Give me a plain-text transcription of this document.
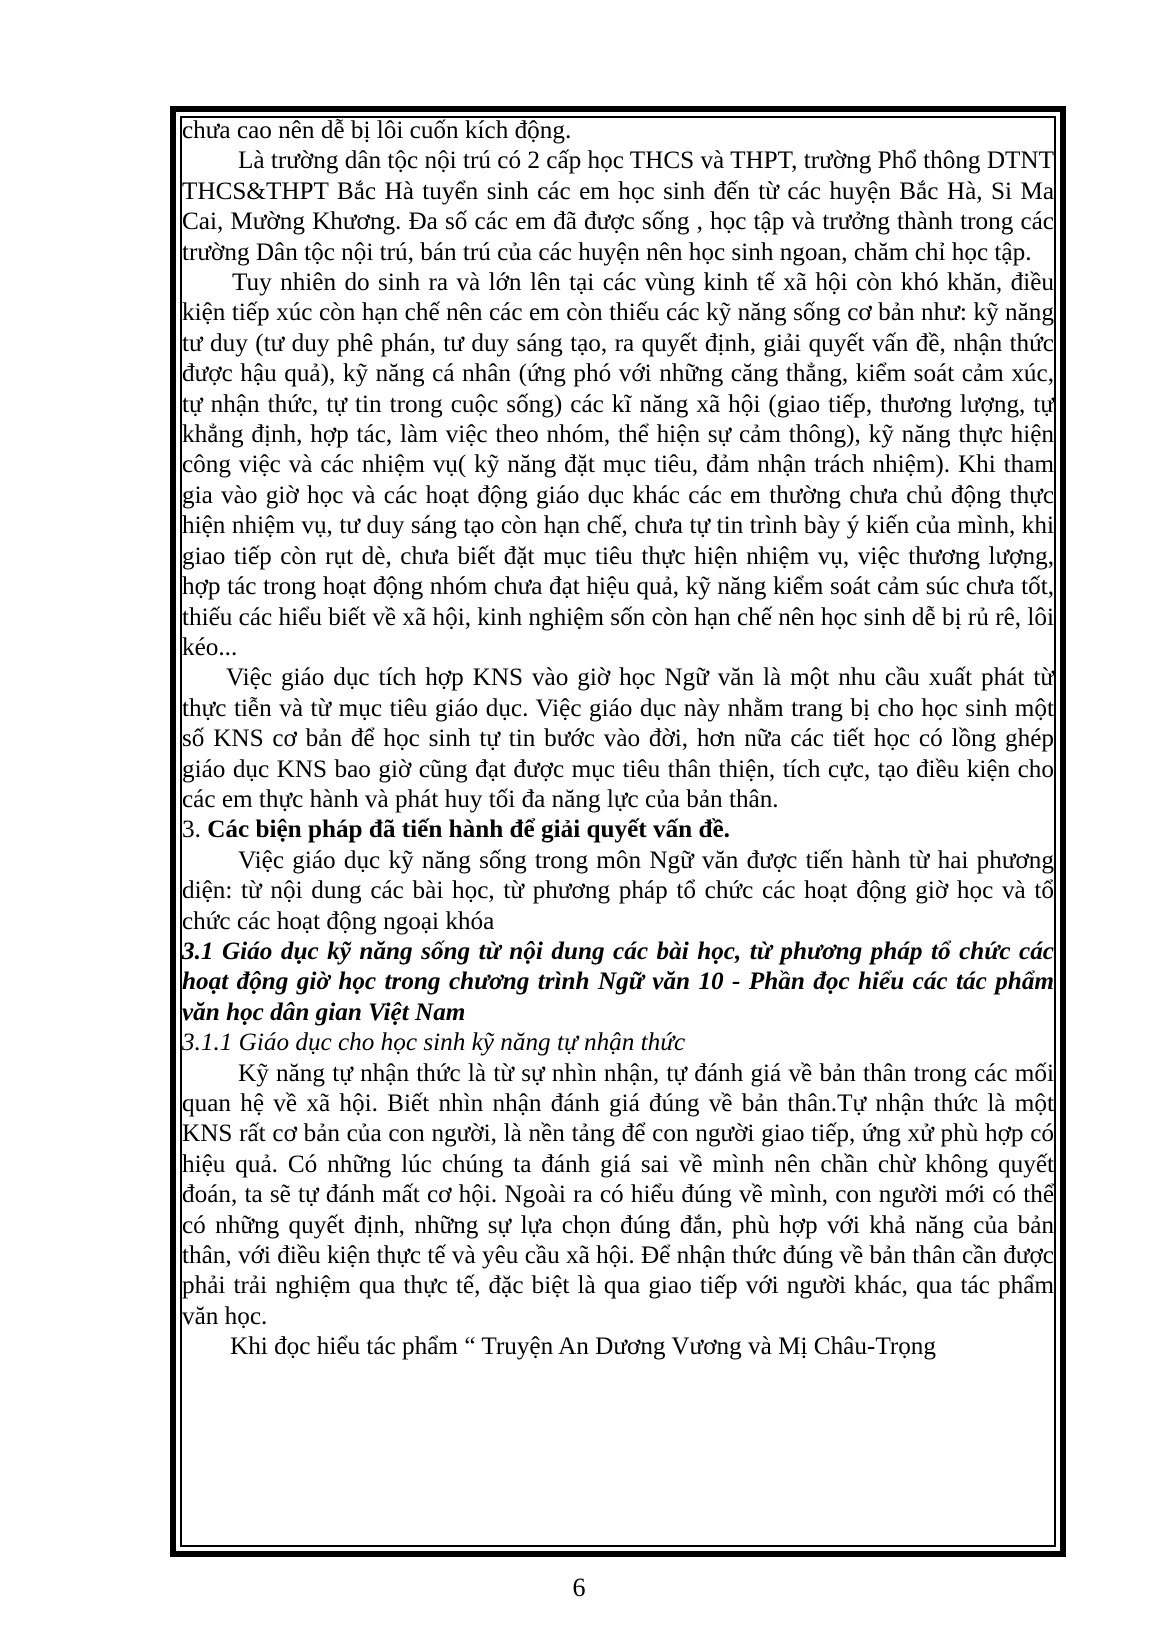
chưa cao nên dễ bị lôi cuốn kích động.

Là trường dân tộc nội trú có 2 cấp học THCS và THPT, trường Phổ thông DTNT THCS&THPT Bắc Hà tuyển sinh các em học sinh đến từ các huyện Bắc Hà, Si Ma Cai, Mường Khương. Đa số các em đã được sống , học tập và trưởng thành trong các trường Dân tộc nội trú, bán trú của các huyện nên học sinh ngoan, chăm chỉ học tập.

Tuy nhiên do sinh ra và lớn lên tại các vùng kinh tế xã hội còn khó khăn, điều kiện tiếp xúc còn hạn chế nên các em còn thiếu các kỹ năng sống cơ bản như: kỹ năng tư duy (tư duy phê phán, tư duy sáng tạo, ra quyết định, giải quyết vấn đề, nhận thức được hậu quả), kỹ năng cá nhân (ứng phó với những căng thẳng, kiểm soát cảm xúc, tự nhận thức, tự tin trong cuộc sống) các kĩ năng xã hội (giao tiếp, thương lượng, tự khẳng định, hợp tác, làm việc theo nhóm, thể hiện sự cảm thông), kỹ năng thực hiện công việc và các nhiệm vụ( kỹ năng đặt mục tiêu, đảm nhận trách nhiệm). Khi tham gia vào giờ học và các hoạt động giáo dục khác các em thường chưa chủ động thực hiện nhiệm vụ, tư duy sáng tạo còn hạn chế, chưa tự tin trình bày ý kiến của mình, khi giao tiếp còn rụt dè, chưa biết đặt mục tiêu thực hiện nhiệm vụ, việc thương lượng, hợp tác trong hoạt động nhóm chưa đạt hiệu quả, kỹ năng kiểm soát cảm súc chưa tốt, thiếu các hiểu biết về xã hội, kinh nghiệm sốn còn hạn chế nên học sinh dễ bị rủ rê, lôi kéo...

Việc giáo dục tích hợp KNS vào giờ học Ngữ văn là một nhu cầu xuất phát từ thực tiễn và từ mục tiêu giáo dục. Việc giáo dục này nhằm trang bị cho học sinh một số KNS cơ bản để học sinh tự tin bước vào đời, hơn nữa các tiết học có lồng ghép giáo dục KNS bao giờ cũng đạt được mục tiêu thân thiện, tích cực, tạo điều kiện cho các em thực hành và phát huy tối đa năng lực của bản thân.

3. Các biện pháp đã tiến hành để giải quyết vấn đề.

Việc giáo dục kỹ năng sống trong môn Ngữ văn được tiến hành từ hai phương diện: từ nội dung các bài học, từ phương pháp tổ chức các hoạt động giờ học và tổ chức các hoạt động ngoại khóa

3.1 Giáo dục kỹ năng sống từ nội dung các bài học, từ phương pháp tổ chức các hoạt động giờ học trong chương trình Ngữ văn 10 - Phần đọc hiểu các tác phẩm văn học dân gian Việt Nam

3.1.1 Giáo dục cho học sinh kỹ năng tự nhận thức

Kỹ năng tự nhận thức là từ sự nhìn nhận, tự đánh giá về bản thân trong các mối quan hệ về xã hội. Biết nhìn nhận đánh giá đúng về bản thân.Tự nhận thức là một KNS rất cơ bản của con người, là nền tảng để con người giao tiếp, ứng xử phù hợp có hiệu quả. Có những lúc chúng ta đánh giá sai về mình nên chần chừ không quyết đoán, ta sẽ tự đánh mất cơ hội. Ngoài ra có hiểu đúng về mình, con người mới có thể có những quyết định, những sự lựa chọn đúng đắn, phù hợp với khả năng của bản thân, với điều kiện thực tế và yêu cầu xã hội. Để nhận thức đúng về bản thân cần được phải trải nghiệm qua thực tế, đặc biệt là qua giao tiếp với người khác, qua tác phẩm văn học.

Khi đọc hiểu tác phẩm “ Truyện An Dương Vương và Mị Châu-Trọng

6
